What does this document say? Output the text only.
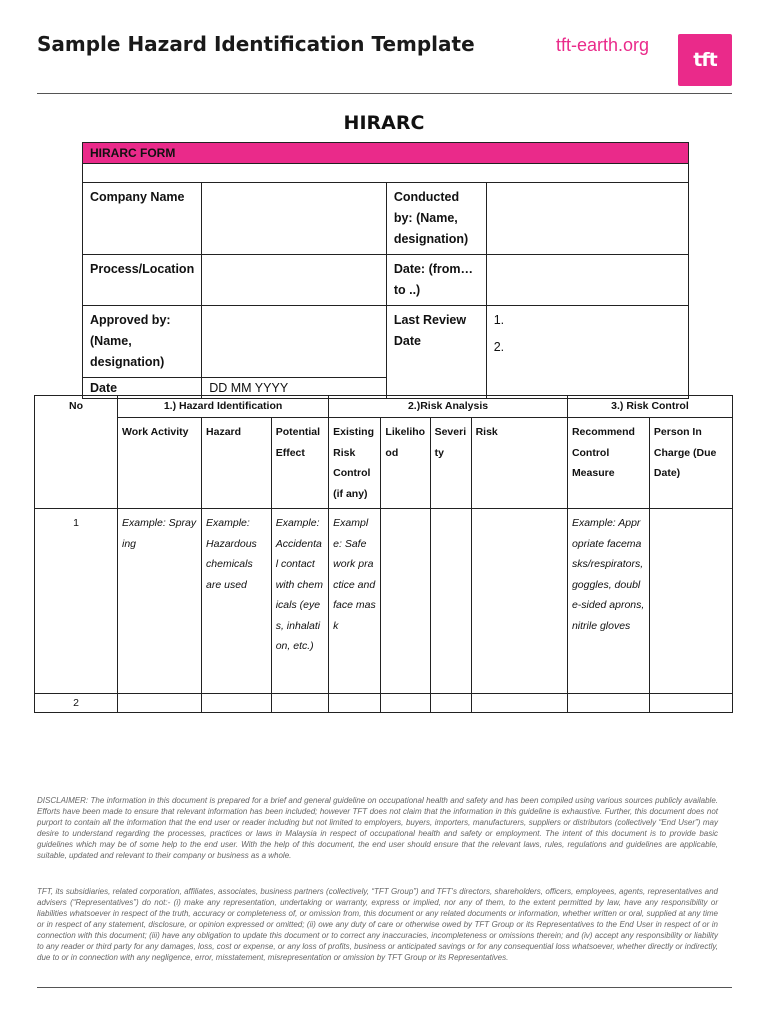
Sample Hazard Identification Template	tft-earth.org
tft
HIRARC
HIRARC FORM			

Company Name		Conducted by: (Name, designation)	
Process/Location		Date: (from…to ..)	
Approved by: (Name, designation)		Last Review Date	1.
2.

Date	DD MM YYYY		
No	1.) Hazard Identification			2.)Risk Analysis				3.) Risk Control	
	Work Activity	Hazard	Potential Effect	Existing Risk Control (if any)	Likelihood	Severity	Risk	Recommend Control Measure	Person In Charge (Due Date)
1	Example: Spraying	Example: Hazardous chemicals are used	Example: Accidental contact with chemicals (eyes, inhalation, etc.)	Example: Safe work practice and face mask				Example: Appropriate facemasks/respirators, goggles, double-sided aprons, nitrile gloves	
2									
DISCLAIMER: The information in this document is prepared for a brief and general guideline on occupational health and safety and has been compiled using various sources publicly available. Efforts have been made to ensure that relevant information has been included; however TFT does not claim that the information in this guideline is exhaustive. Further, this document does not purport to contain all the information that the end user or reader including but not limited to employers, buyers, importers, manufacturers, suppliers or distributors (collectively “End User”) may desire to understand regarding the processes, practices or laws in Malaysia in respect of occupational health and safety or employment. The intent of this document is to provide basic guidelines which may be of some help to the end user. With the help of this document, the end user should ensure that the relevant laws, rules, regulations and guidelines are applicable, suitable, updated and relevant to their company or business as a whole.
TFT, its subsidiaries, related corporation, affiliates, associates, business partners (collectively, “TFT Group”) and TFT’s directors, shareholders, officers, employees, agents, representatives and advisers (“Representatives”) do not:- (i) make any representation, undertaking or warranty, express or implied, nor any of them, to the extent permitted by law, have any responsibility or liabilities whatsoever in respect of the truth, accuracy or completeness of, or omission from, this document or any related documents or information, whether written or oral, supplied at any time or in respect of any statement, disclosure, or opinion expressed or omitted; (ii) owe any duty of care or otherwise owed by TFT Group or its Representatives to the End User in respect of or in connection with this document; (iii) have any obligation to update this document or to correct any inaccuracies, incompleteness or omissions therein; and (iv) accept any responsibility or liability to any reader or third party for any damages, loss, cost or expense, or any loss of profits, business or anticipated savings or for any consequential loss whatsoever, whether directly or indirectly, due to or in connection with any negligence, error, misstatement, misrepresentation or omission by TFT Group or its Representatives.
